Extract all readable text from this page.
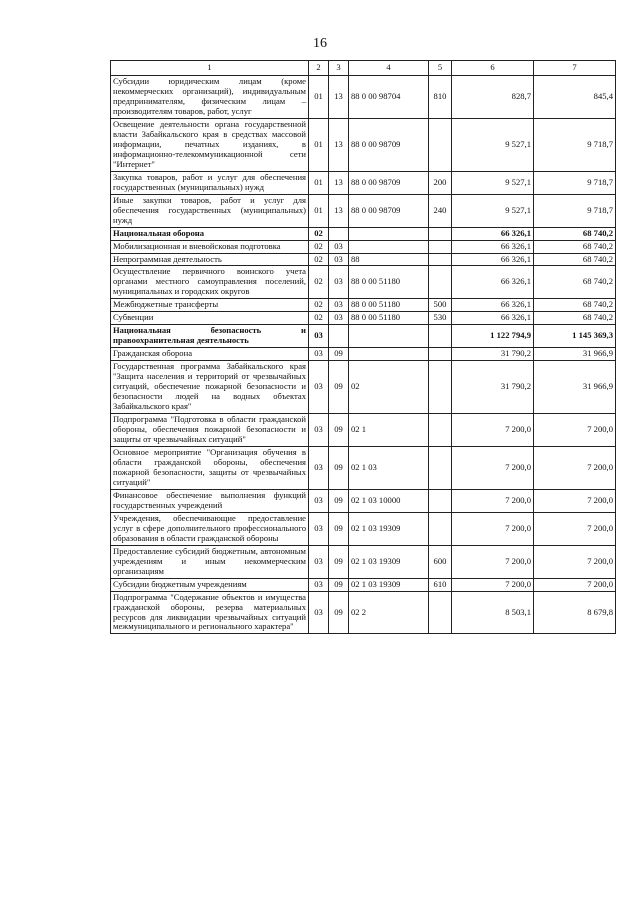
16
1	2	3	4	5	6	7
Субсидии юридическим лицам (кроме некоммерческих организаций), индивидуальным предпринимателям, физическим лицам – производителям товаров, работ, услуг	01	13	88 0 00 98704	810	828,7	845,4
Освещение деятельности органа государственной власти Забайкальского края в средствах массовой информации, печатных изданиях, в информационно-телекоммуникационной сети "Интернет"	01	13	88 0 00 98709		9 527,1	9 718,7
Закупка товаров, работ и услуг для обеспечения государственных (муниципальных) нужд	01	13	88 0 00 98709	200	9 527,1	9 718,7
Иные закупки товаров, работ и услуг для обеспечения государственных (муниципальных) нужд	01	13	88 0 00 98709	240	9 527,1	9 718,7
Национальная оборона	02				66 326,1	68 740,2
Мобилизационная и вневойсковая подготовка	02	03			66 326,1	68 740,2
Непрограммная деятельность	02	03	88		66 326,1	68 740,2
Осуществление первичного воинского учета органами местного самоуправления поселений, муниципальных и городских округов	02	03	88 0 00 51180		66 326,1	68 740,2
Межбюджетные трансферты	02	03	88 0 00 51180	500	66 326,1	68 740,2
Субвенции	02	03	88 0 00 51180	530	66 326,1	68 740,2
Национальная безопасность и правоохранительная деятельность	03				1 122 794,9	1 145 369,3
Гражданская оборона	03	09			31 790,2	31 966,9
Государственная программа Забайкальского края "Защита населения и территорий от чрезвычайных ситуаций, обеспечение пожарной безопасности и безопасности людей на водных объектах Забайкальского края"	03	09	02		31 790,2	31 966,9
Подпрограмма "Подготовка в области гражданской обороны, обеспечения пожарной безопасности и защиты от чрезвычайных ситуаций"	03	09	02 1		7 200,0	7 200,0
Основное мероприятие "Организация обучения в области гражданской обороны, обеспечения пожарной безопасности, защиты от чрезвычайных ситуаций"	03	09	02 1 03		7 200,0	7 200,0
Финансовое обеспечение выполнения функций государственных учреждений	03	09	02 1 03 10000		7 200,0	7 200,0
Учреждения, обеспечивающие предоставление услуг в сфере дополнительного профессионального образования в области гражданской обороны	03	09	02 1 03 19309		7 200,0	7 200,0
Предоставление субсидий бюджетным, автономным учреждениям и иным некоммерческим организациям	03	09	02 1 03 19309	600	7 200,0	7 200,0
Субсидии бюджетным учреждениям	03	09	02 1 03 19309	610	7 200,0	7 200,0
Подпрограмма "Содержание объектов и имущества гражданской обороны, резерва материальных ресурсов для ликвидации чрезвычайных ситуаций межмуниципального и регионального характера"	03	09	02 2		8 503,1	8 679,8
